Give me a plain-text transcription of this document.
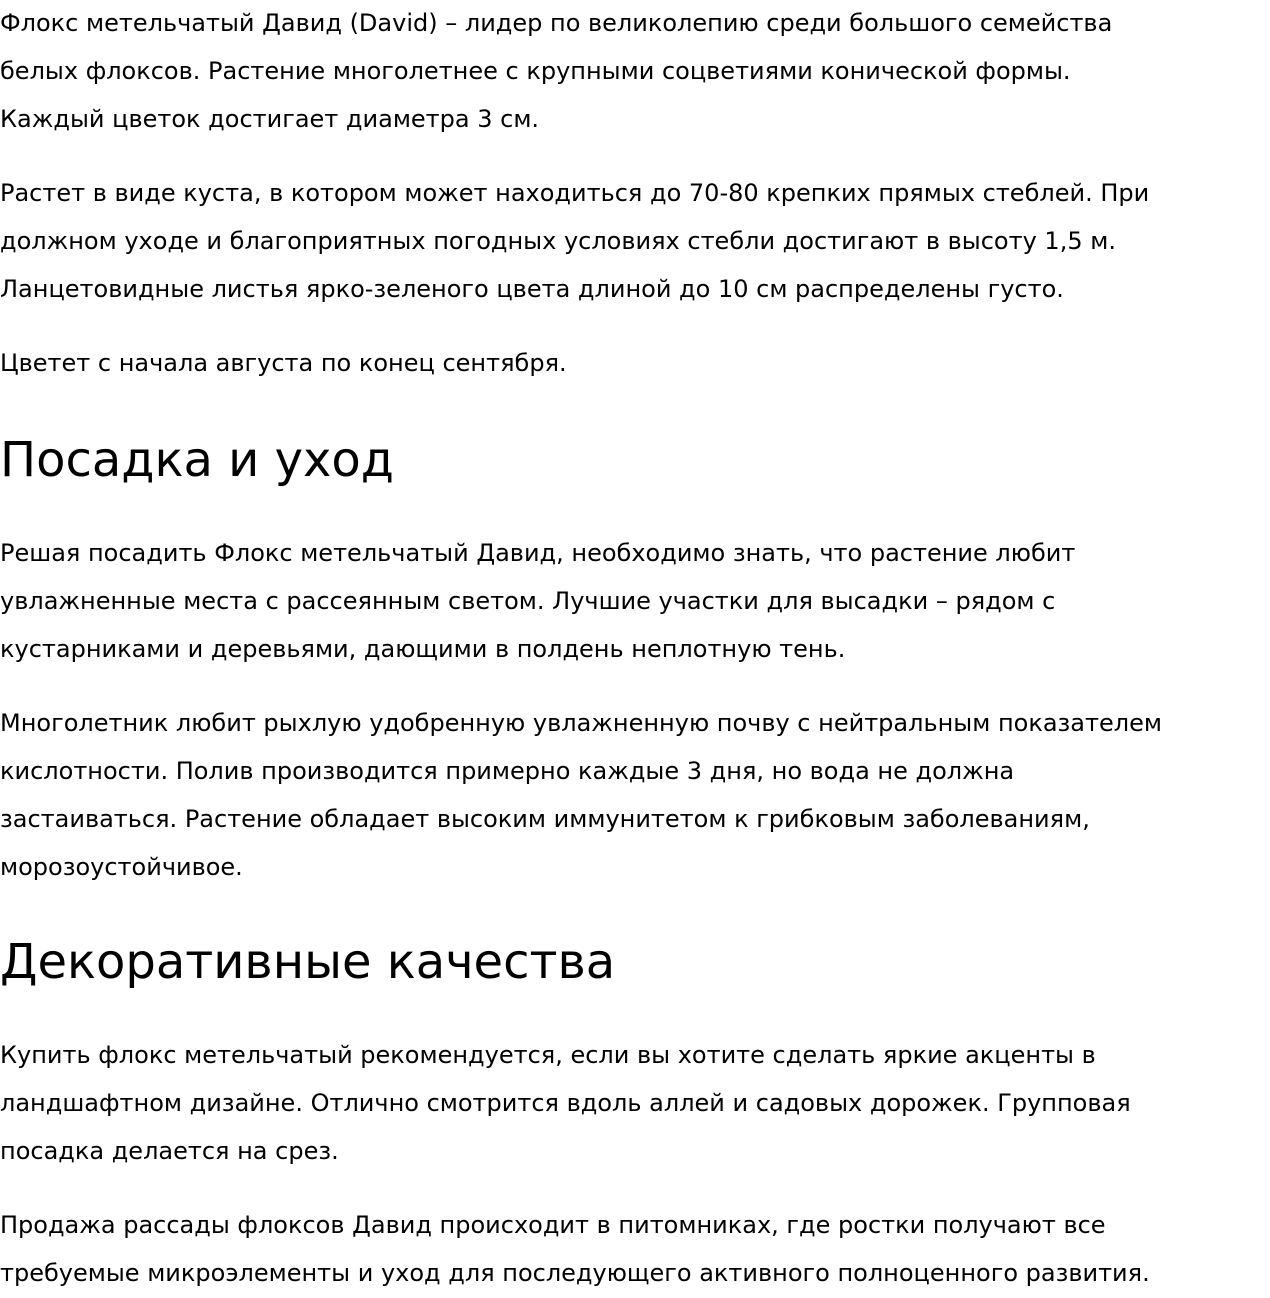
Флокс метельчатый Давид (David) – лидер по великолепию среди большого семейства
белых флоксов. Растение многолетнее с крупными соцветиями конической формы.
Каждый цветок достигает диаметра 3 см.

Растет в виде куста, в котором может находиться до 70-80 крепких прямых стеблей. При
должном уходе и благоприятных погодных условиях стебли достигают в высоту 1,5 м.
Ланцетовидные листья ярко-зеленого цвета длиной до 10 см распределены густо.

Цветет с начала августа по конец сентября.

Посадка и уход

Решая посадить Флокс метельчатый Давид, необходимо знать, что растение любит
увлажненные места с рассеянным светом. Лучшие участки для высадки – рядом с
кустарниками и деревьями, дающими в полдень неплотную тень.

Многолетник любит рыхлую удобренную увлажненную почву с нейтральным показателем
кислотности. Полив производится примерно каждые 3 дня, но вода не должна
застаиваться. Растение обладает высоким иммунитетом к грибковым заболеваниям,
морозоустойчивое.

Декоративные качества

Купить флокс метельчатый рекомендуется, если вы хотите сделать яркие акценты в
ландшафтном дизайне. Отлично смотрится вдоль аллей и садовых дорожек. Групповая
посадка делается на срез.

Продажа рассады флоксов Давид происходит в питомниках, где ростки получают все
требуемые микроэлементы и уход для последующего активного полноценного развития.
